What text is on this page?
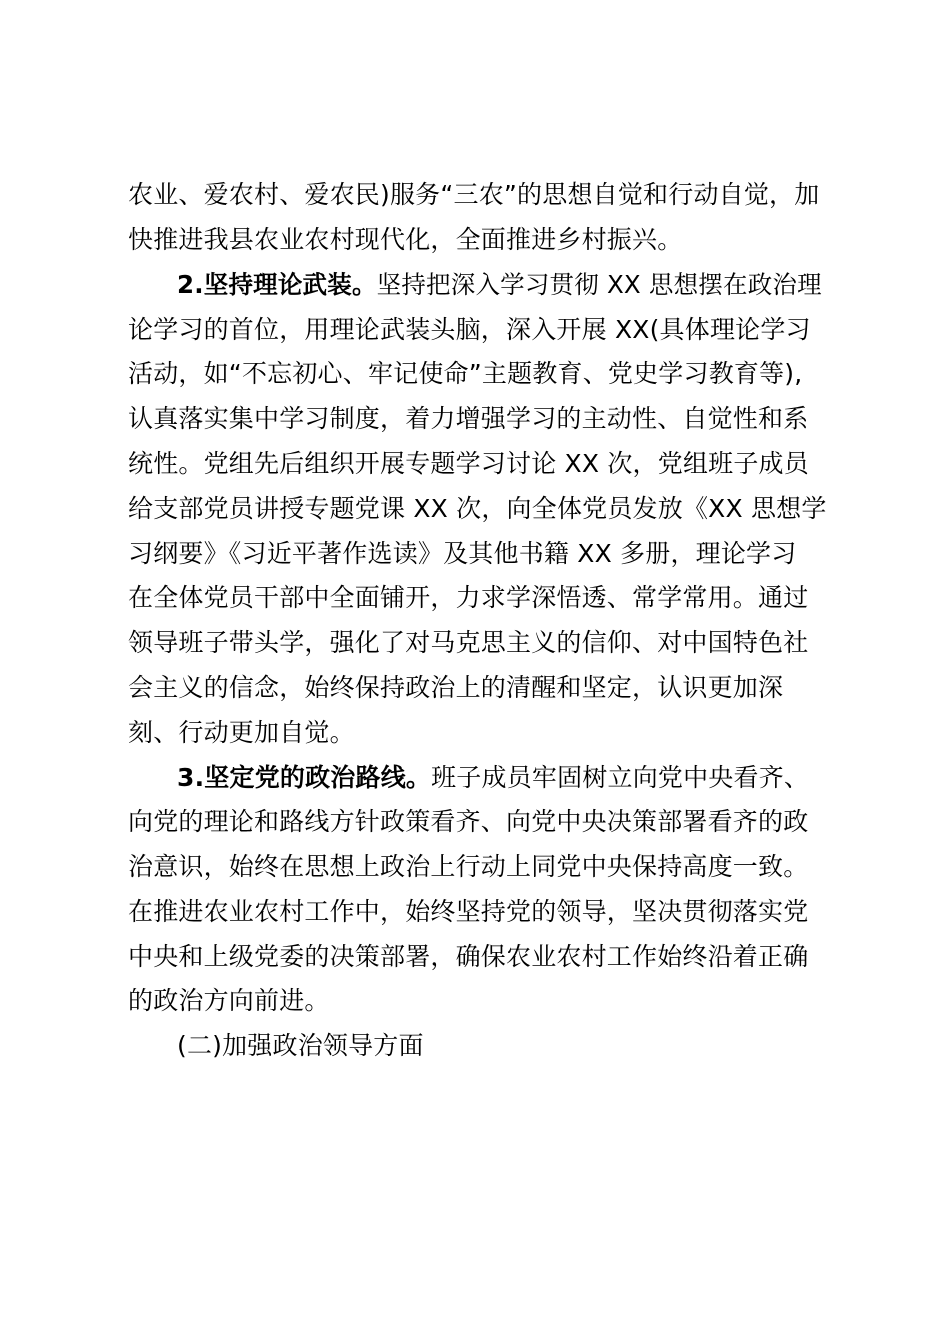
农业、爱农村、爱农民)服务“三农”的思想自觉和行动自觉，加
快推进我县农业农村现代化，全面推进乡村振兴。
2.坚持理论武装。坚持把深入学习贯彻 XX 思想摆在政治理
论学习的首位，用理论武装头脑，深入开展 XX(具体理论学习
活动，如“不忘初心、牢记使命”主题教育、党史学习教育等),
认真落实集中学习制度，着力增强学习的主动性、自觉性和系
统性。党组先后组织开展专题学习讨论 XX 次，党组班子成员
给支部党员讲授专题党课 XX 次，向全体党员发放《XX 思想学
习纲要》《习近平著作选读》及其他书籍 XX 多册，理论学习
在全体党员干部中全面铺开，力求学深悟透、常学常用。通过
领导班子带头学，强化了对马克思主义的信仰、对中国特色社
会主义的信念，始终保持政治上的清醒和坚定，认识更加深
刻、行动更加自觉。
3.坚定党的政治路线。班子成员牢固树立向党中央看齐、
向党的理论和路线方针政策看齐、向党中央决策部署看齐的政
治意识，始终在思想上政治上行动上同党中央保持高度一致。
在推进农业农村工作中，始终坚持党的领导，坚决贯彻落实党
中央和上级党委的决策部署，确保农业农村工作始终沿着正确
的政治方向前进。
(二)加强政治领导方面
